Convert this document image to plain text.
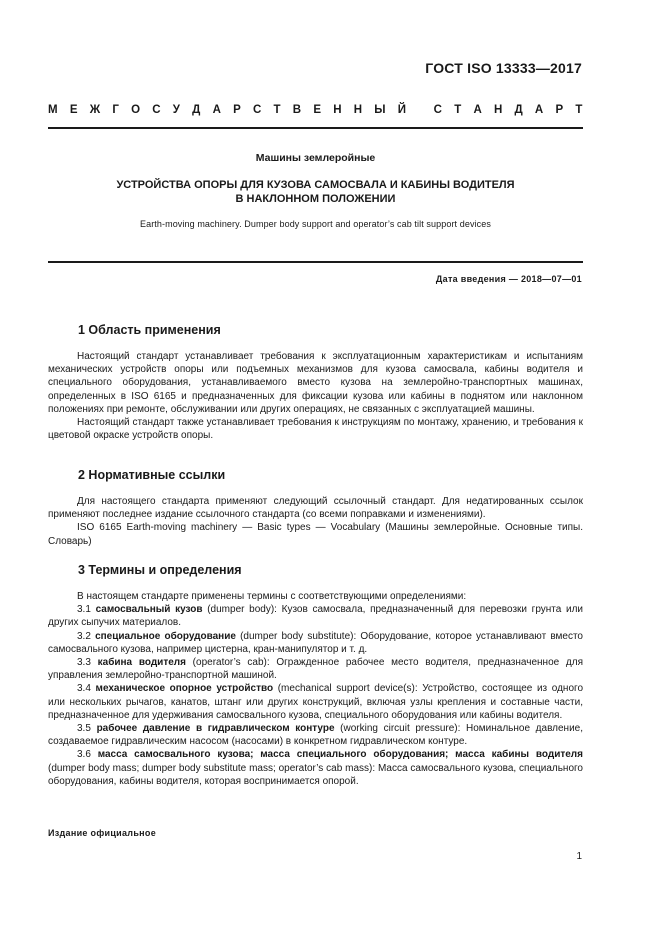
ГОСТ ISO 13333—2017
М Е Ж Г О С У Д А Р С Т В Е Н Н Ы Й
С Т А Н Д А Р Т
Машины землеройные
УСТРОЙСТВА ОПОРЫ ДЛЯ КУЗОВА САМОСВАЛА И КАБИНЫ ВОДИТЕЛЯ
В НАКЛОННОМ ПОЛОЖЕНИИ
Earth-moving machinery. Dumper body support and operator’s cab tilt support devices
Дата введения — 2018—07—01
1 Область применения

Настоящий стандарт устанавливает требования к эксплуатационным характеристикам и испытаниям механических устройств опоры или подъемных механизмов для кузова самосвала, кабины водителя и специального оборудования, устанавливаемого вместо кузова на землеройно-транспортных машинах, определенных в ISO 6165 и предназначенных для фиксации кузова или кабины в поднятом или наклонном положениях при ремонте, обслуживании или других операциях, не связанных с эксплуатацией машины.

Настоящий стандарт также устанавливает требования к инструкциям по монтажу, хранению, и требования к цветовой окраске устройств опоры.

2 Нормативные ссылки

Для настоящего стандарта применяют следующий ссылочный стандарт. Для недатированных ссылок применяют последнее издание ссылочного стандарта (со всеми поправками и изменениями).

ISO 6165 Earth-moving machinery — Basic types — Vocabulary (Машины землеройные. Основные типы. Словарь)

3 Термины и определения

В настоящем стандарте применены термины с соответствующими определениями:

3.1 самосвальный кузов (dumper body): Кузов самосвала, предназначенный для перевозки грунта или других сыпучих материалов.

3.2 специальное оборудование (dumper body substitute): Оборудование, которое устанавливают вместо самосвального кузова, например цистерна, кран-манипулятор и т. д.

3.3 кабина водителя (operator’s cab): Огражденное рабочее место водителя, предназначенное для управления землеройно-транспортной машиной.

3.4 механическое опорное устройство (mechanical support device(s): Устройство, состоящее из одного или нескольких рычагов, канатов, штанг или других конструкций, включая узлы крепления и составные части, предназначенное для удерживания самосвального кузова, специального оборудования или кабины водителя.

3.5 рабочее давление в гидравлическом контуре (working circuit pressure): Номинальное давление, создаваемое гидравлическим насосом (насосами) в конкретном гидравлическом контуре.

3.6 масса самосвального кузова; масса специального оборудования; масса кабины водителя (dumper body mass; dumper body substitute mass; operator’s cab mass): Масса самосвального кузова, специального оборудования, кабины водителя, которая воспринимается опорой.

Издание официальное
1
